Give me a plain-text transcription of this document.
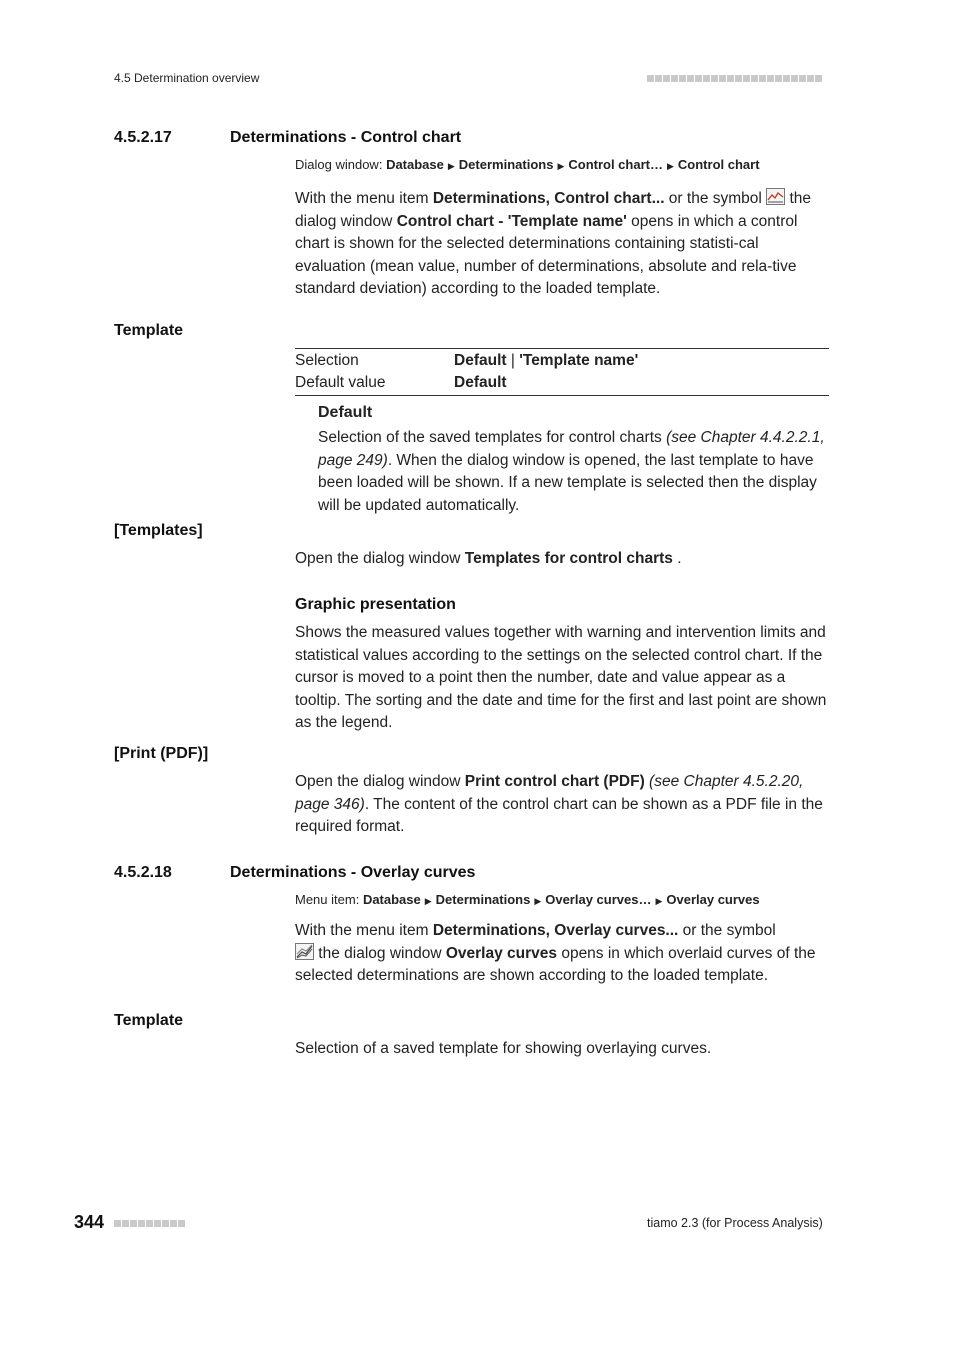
4.5 Determination overview
4.5.2.17	Determinations - Control chart
Dialog window: Database ▶ Determinations ▶ Control chart… ▶ Control chart
With the menu item Determinations, Control chart... or the symbol
the dialog window Control chart - 'Template name' opens in which a control chart is shown for the selected determinations containing statisti-cal evaluation (mean value, number of determinations, absolute and rela-tive standard deviation) according to the loaded template.
Template
Selection	Default | 'Template name'
Default value	Default
Default
Selection of the saved templates for control charts (see Chapter 4.4.2.2.1, page 249). When the dialog window is opened, the last template to have been loaded will be shown. If a new template is selected then the display will be updated automatically.
[Templates]
Open the dialog window Templates for control charts .
Graphic presentation
Shows the measured values together with warning and intervention limits and statistical values according to the settings on the selected control chart. If the cursor is moved to a point then the number, date and value appear as a tooltip. The sorting and the date and time for the first and last point are shown as the legend.
[Print (PDF)]
Open the dialog window Print control chart (PDF) (see Chapter 4.5.2.20, page 346). The content of the control chart can be shown as a PDF file in the required format.
4.5.2.18	Determinations - Overlay curves
Menu item: Database ▶ Determinations ▶ Overlay curves… ▶ Overlay curves
With the menu item Determinations, Overlay curves... or the symbol

the dialog window Overlay curves opens in which overlaid curves of the selected determinations are shown according to the loaded template.
Template
Selection of a saved template for showing overlaying curves.
344	tiamo 2.3 (for Process Analysis)
